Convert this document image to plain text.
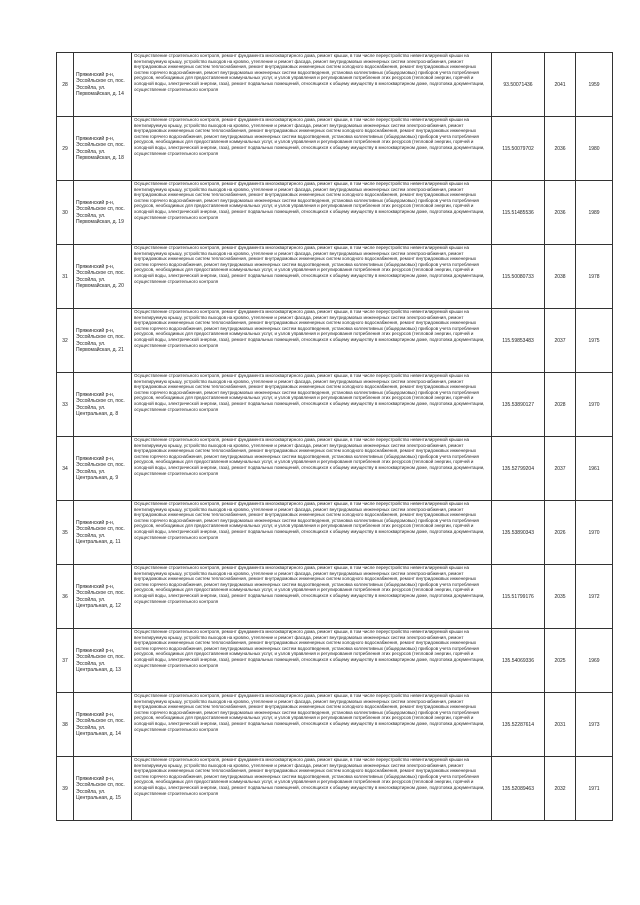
28	Пряжинский р-н, Эссойльское сп, пос. Эссойла, ул. Первомайская, д. 14	Осуществление строительного контроля, ремонт фундамента многоквартирного дома, ремонт крыши, в том числе переустройство невентилируемой крыши на вентилируемую крышу, устройство выходов на кровлю, утепление и ремонт фасада, ремонт внутридомовых инженерных систем электроснабжения, ремонт внутридомовых инженерных систем теплоснабжения, ремонт внутридомовых инженерных систем холодного водоснабжения, ремонт внутридомовых инженерных систем горячего водоснабжения, ремонт внутридомовых инженерных систем водоотведения, установка коллективных (общедомовых) приборов учета потребления ресурсов, необходимых для предоставления коммунальных услуг, и узлов управления и регулирования потребления этих ресурсов (тепловой энергии, горячей и холодной воды, электрической энергии, газа), ремонт подвальных помещений, относящихся к общему имуществу в многоквартирном доме, подготовка документации, осуществление строительного контроля	93.50071436	2041	1959

29	Пряжинский р-н, Эссойльское сп, пос. Эссойла, ул. Первомайская, д. 18	Осуществление строительного контроля, ремонт фундамента многоквартирного дома, ремонт крыши, в том числе переустройство невентилируемой крыши на вентилируемую крышу, устройство выходов на кровлю, утепление и ремонт фасада, ремонт внутридомовых инженерных систем электроснабжения, ремонт внутридомовых инженерных систем теплоснабжения, ремонт внутридомовых инженерных систем холодного водоснабжения, ремонт внутридомовых инженерных систем горячего водоснабжения, ремонт внутридомовых инженерных систем водоотведения, установка коллективных (общедомовых) приборов учета потребления ресурсов, необходимых для предоставления коммунальных услуг, и узлов управления и регулирования потребления этих ресурсов (тепловой энергии, горячей и холодной воды, электрической энергии, газа), ремонт подвальных помещений, относящихся к общему имуществу в многоквартирном доме, подготовка документации, осуществление строительного контроля	115.50079702	2036	1980

30	Пряжинский р-н, Эссойльское сп, пос. Эссойла, ул. Первомайская, д. 19	Осуществление строительного контроля, ремонт фундамента многоквартирного дома, ремонт крыши, в том числе переустройство невентилируемой крыши на вентилируемую крышу, устройство выходов на кровлю, утепление и ремонт фасада, ремонт внутридомовых инженерных систем электроснабжения, ремонт внутридомовых инженерных систем теплоснабжения, ремонт внутридомовых инженерных систем холодного водоснабжения, ремонт внутридомовых инженерных систем горячего водоснабжения, ремонт внутридомовых инженерных систем водоотведения, установка коллективных (общедомовых) приборов учета потребления ресурсов, необходимых для предоставления коммунальных услуг, и узлов управления и регулирования потребления этих ресурсов (тепловой энергии, горячей и холодной воды, электрической энергии, газа), ремонт подвальных помещений, относящихся к общему имуществу в многоквартирном доме, подготовка документации, осуществление строительного контроля	115.51485536	2036	1989

31	Пряжинский р-н, Эссойльское сп, пос. Эссойла, ул. Первомайская, д. 20	Осуществление строительного контроля, ремонт фундамента многоквартирного дома, ремонт крыши, в том числе переустройство невентилируемой крыши на вентилируемую крышу, устройство выходов на кровлю, утепление и ремонт фасада, ремонт внутридомовых инженерных систем электроснабжения, ремонт внутридомовых инженерных систем теплоснабжения, ремонт внутридомовых инженерных систем холодного водоснабжения, ремонт внутридомовых инженерных систем горячего водоснабжения, ремонт внутридомовых инженерных систем водоотведения, установка коллективных (общедомовых) приборов учета потребления ресурсов, необходимых для предоставления коммунальных услуг, и узлов управления и регулирования потребления этих ресурсов (тепловой энергии, горячей и холодной воды, электрической энергии, газа), ремонт подвальных помещений, относящихся к общему имуществу в многоквартирном доме, подготовка документации, осуществление строительного контроля	115.50080733	2038	1978

32	Пряжинский р-н, Эссойльское сп, пос. Эссойла, ул. Первомайская, д. 21	Осуществление строительного контроля, ремонт фундамента многоквартирного дома, ремонт крыши, в том числе переустройство невентилируемой крыши на вентилируемую крышу, устройство выходов на кровлю, утепление и ремонт фасада, ремонт внутридомовых инженерных систем электроснабжения, ремонт внутридомовых инженерных систем теплоснабжения, ремонт внутридомовых инженерных систем холодного водоснабжения, ремонт внутридомовых инженерных систем горячего водоснабжения, ремонт внутридомовых инженерных систем водоотведения, установка коллективных (общедомовых) приборов учета потребления ресурсов, необходимых для предоставления коммунальных услуг, и узлов управления и регулирования потребления этих ресурсов (тепловой энергии, горячей и холодной воды, электрической энергии, газа), ремонт подвальных помещений, относящихся к общему имуществу в многоквартирном доме, подготовка документации, осуществление строительного контроля	115.59853483	2037	1975

33	Пряжинский р-н, Эссойльское сп, пос. Эссойла, ул. Центральная, д. 8	Осуществление строительного контроля, ремонт фундамента многоквартирного дома, ремонт крыши, в том числе переустройство невентилируемой крыши на вентилируемую крышу, устройство выходов на кровлю, утепление и ремонт фасада, ремонт внутридомовых инженерных систем электроснабжения, ремонт внутридомовых инженерных систем теплоснабжения, ремонт внутридомовых инженерных систем холодного водоснабжения, ремонт внутридомовых инженерных систем горячего водоснабжения, ремонт внутридомовых инженерных систем водоотведения, установка коллективных (общедомовых) приборов учета потребления ресурсов, необходимых для предоставления коммунальных услуг, и узлов управления и регулирования потребления этих ресурсов (тепловой энергии, горячей и холодной воды, электрической энергии, газа), ремонт подвальных помещений, относящихся к общему имуществу в многоквартирном доме, подготовка документации, осуществление строительного контроля	135.53890127	2028	1970

34	Пряжинский р-н, Эссойльское сп, пос. Эссойла, ул. Центральная, д. 9	Осуществление строительного контроля, ремонт фундамента многоквартирного дома, ремонт крыши, в том числе переустройство невентилируемой крыши на вентилируемую крышу, устройство выходов на кровлю, утепление и ремонт фасада, ремонт внутридомовых инженерных систем электроснабжения, ремонт внутридомовых инженерных систем теплоснабжения, ремонт внутридомовых инженерных систем холодного водоснабжения, ремонт внутридомовых инженерных систем горячего водоснабжения, ремонт внутридомовых инженерных систем водоотведения, установка коллективных (общедомовых) приборов учета потребления ресурсов, необходимых для предоставления коммунальных услуг, и узлов управления и регулирования потребления этих ресурсов (тепловой энергии, горячей и холодной воды, электрической энергии, газа), ремонт подвальных помещений, относящихся к общему имуществу в многоквартирном доме, подготовка документации, осуществление строительного контроля	135.52799204	2037	1961

35	Пряжинский р-н, Эссойльское сп, пос. Эссойла, ул. Центральная, д. 11	Осуществление строительного контроля, ремонт фундамента многоквартирного дома, ремонт крыши, в том числе переустройство невентилируемой крыши на вентилируемую крышу, устройство выходов на кровлю, утепление и ремонт фасада, ремонт внутридомовых инженерных систем электроснабжения, ремонт внутридомовых инженерных систем теплоснабжения, ремонт внутридомовых инженерных систем холодного водоснабжения, ремонт внутридомовых инженерных систем горячего водоснабжения, ремонт внутридомовых инженерных систем водоотведения, установка коллективных (общедомовых) приборов учета потребления ресурсов, необходимых для предоставления коммунальных услуг, и узлов управления и регулирования потребления этих ресурсов (тепловой энергии, горячей и холодной воды, электрической энергии, газа), ремонт подвальных помещений, относящихся к общему имуществу в многоквартирном доме, подготовка документации, осуществление строительного контроля	135.53890343	2026	1970

36	Пряжинский р-н, Эссойльское сп, пос. Эссойла, ул. Центральная, д. 12	Осуществление строительного контроля, ремонт фундамента многоквартирного дома, ремонт крыши, в том числе переустройство невентилируемой крыши на вентилируемую крышу, устройство выходов на кровлю, утепление и ремонт фасада, ремонт внутридомовых инженерных систем электроснабжения, ремонт внутридомовых инженерных систем теплоснабжения, ремонт внутридомовых инженерных систем холодного водоснабжения, ремонт внутридомовых инженерных систем горячего водоснабжения, ремонт внутридомовых инженерных систем водоотведения, установка коллективных (общедомовых) приборов учета потребления ресурсов, необходимых для предоставления коммунальных услуг, и узлов управления и регулирования потребления этих ресурсов (тепловой энергии, горячей и холодной воды, электрической энергии, газа), ремонт подвальных помещений, относящихся к общему имуществу в многоквартирном доме, подготовка документации, осуществление строительного контроля	115.51799176	2035	1972

37	Пряжинский р-н, Эссойльское сп, пос. Эссойла, ул. Центральная, д. 13	Осуществление строительного контроля, ремонт фундамента многоквартирного дома, ремонт крыши, в том числе переустройство невентилируемой крыши на вентилируемую крышу, устройство выходов на кровлю, утепление и ремонт фасада, ремонт внутридомовых инженерных систем электроснабжения, ремонт внутридомовых инженерных систем теплоснабжения, ремонт внутридомовых инженерных систем холодного водоснабжения, ремонт внутридомовых инженерных систем горячего водоснабжения, ремонт внутридомовых инженерных систем водоотведения, установка коллективных (общедомовых) приборов учета потребления ресурсов, необходимых для предоставления коммунальных услуг, и узлов управления и регулирования потребления этих ресурсов (тепловой энергии, горячей и холодной воды, электрической энергии, газа), ремонт подвальных помещений, относящихся к общему имуществу в многоквартирном доме, подготовка документации, осуществление строительного контроля	135.54069336	2025	1969

38	Пряжинский р-н, Эссойльское сп, пос. Эссойла, ул. Центральная, д. 14	Осуществление строительного контроля, ремонт фундамента многоквартирного дома, ремонт крыши, в том числе переустройство невентилируемой крыши на вентилируемую крышу, устройство выходов на кровлю, утепление и ремонт фасада, ремонт внутридомовых инженерных систем электроснабжения, ремонт внутридомовых инженерных систем теплоснабжения, ремонт внутридомовых инженерных систем холодного водоснабжения, ремонт внутридомовых инженерных систем горячего водоснабжения, ремонт внутридомовых инженерных систем водоотведения, установка коллективных (общедомовых) приборов учета потребления ресурсов, необходимых для предоставления коммунальных услуг, и узлов управления и регулирования потребления этих ресурсов (тепловой энергии, горячей и холодной воды, электрической энергии, газа), ремонт подвальных помещений, относящихся к общему имуществу в многоквартирном доме, подготовка документации, осуществление строительного контроля	135.52287614	2031	1973

39	Пряжинский р-н, Эссойльское сп, пос. Эссойла, ул. Центральная, д. 15	Осуществление строительного контроля, ремонт фундамента многоквартирного дома, ремонт крыши, в том числе переустройство невентилируемой крыши на вентилируемую крышу, устройство выходов на кровлю, утепление и ремонт фасада, ремонт внутридомовых инженерных систем электроснабжения, ремонт внутридомовых инженерных систем теплоснабжения, ремонт внутридомовых инженерных систем холодного водоснабжения, ремонт внутридомовых инженерных систем горячего водоснабжения, ремонт внутридомовых инженерных систем водоотведения, установка коллективных (общедомовых) приборов учета потребления ресурсов, необходимых для предоставления коммунальных услуг, и узлов управления и регулирования потребления этих ресурсов (тепловой энергии, горячей и холодной воды, электрической энергии, газа), ремонт подвальных помещений, относящихся к общему имуществу в многоквартирном доме, подготовка документации, осуществление строительного контроля	135.52089463	2032	1971
